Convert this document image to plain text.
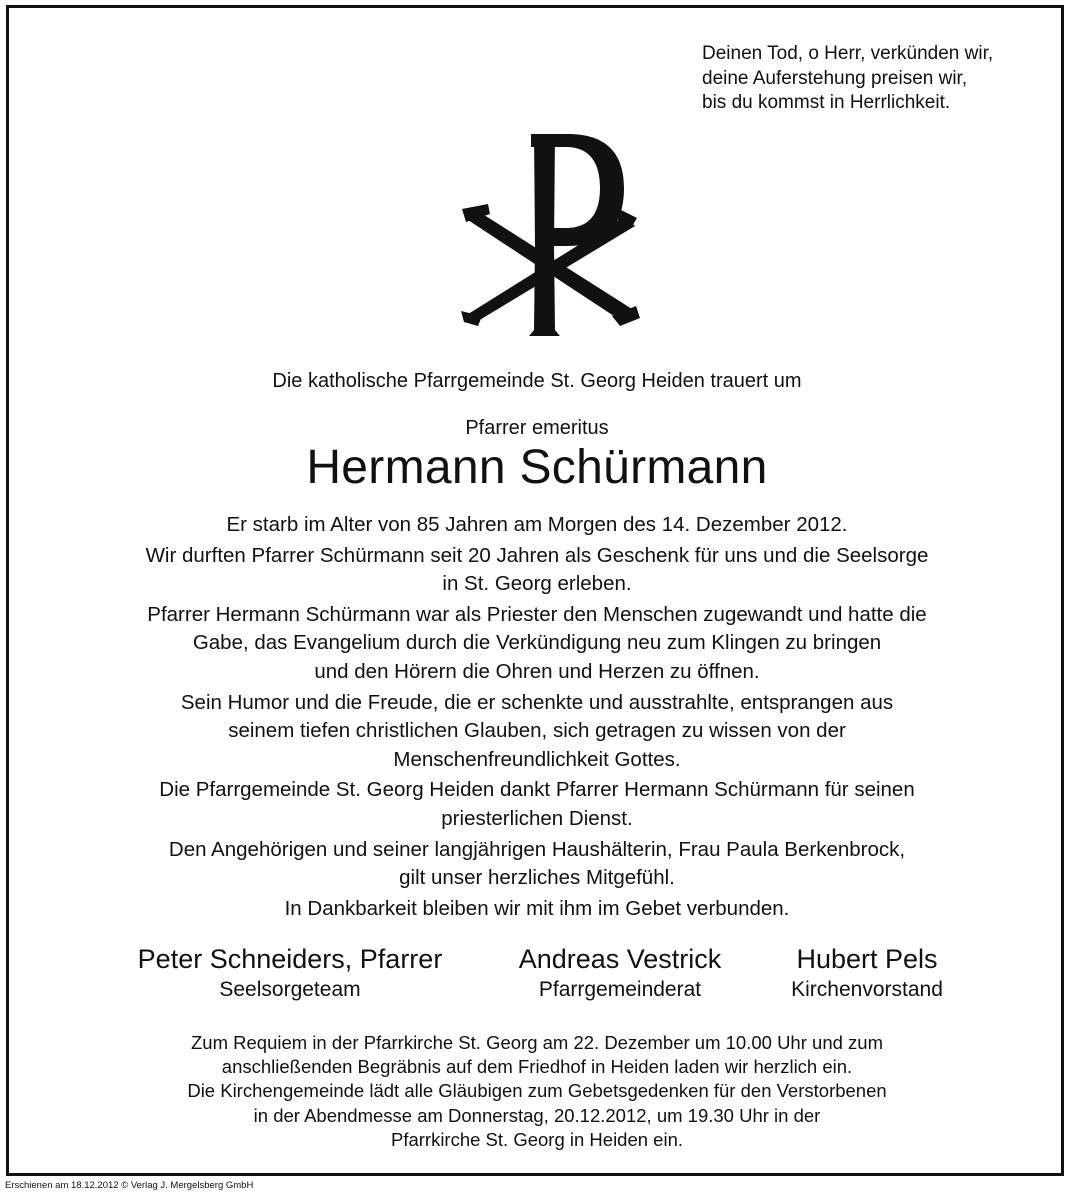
Deinen Tod, o Herr, verkünden wir,
deine Auferstehung preisen wir,
bis du kommst in Herrlichkeit.
Die katholische Pfarrgemeinde St. Georg Heiden trauert um
Pfarrer emeritus
Hermann Schürmann
Er starb im Alter von 85 Jahren am Morgen des 14. Dezember 2012.
Wir durften Pfarrer Schürmann seit 20 Jahren als Geschenk für uns und die Seelsorge
in St. Georg erleben.
Pfarrer Hermann Schürmann war als Priester den Menschen zugewandt und hatte die
Gabe, das Evangelium durch die Verkündigung neu zum Klingen zu bringen
und den Hörern die Ohren und Herzen zu öffnen.
Sein Humor und die Freude, die er schenkte und ausstrahlte, entsprangen aus
seinem tiefen christlichen Glauben, sich getragen zu wissen von der
Menschenfreundlichkeit Gottes.
Die Pfarrgemeinde St. Georg Heiden dankt Pfarrer Hermann Schürmann für seinen
priesterlichen Dienst.
Den Angehörigen und seiner langjährigen Haushälterin, Frau Paula Berkenbrock,
gilt unser herzliches Mitgefühl.
In Dankbarkeit bleiben wir mit ihm im Gebet verbunden.
Peter Schneiders, Pfarrer
Seelsorgeteam
Andreas Vestrick
Pfarrgemeinderat
Hubert Pels
Kirchenvorstand
Zum Requiem in der Pfarrkirche St. Georg am 22. Dezember um 10.00 Uhr und zum
anschließenden Begräbnis auf dem Friedhof in Heiden laden wir herzlich ein.
Die Kirchengemeinde lädt alle Gläubigen zum Gebetsgedenken für den Verstorbenen
in der Abendmesse am Donnerstag, 20.12.2012, um 19.30 Uhr in der
Pfarrkirche St. Georg in Heiden ein.
Erschienen am 18.12.2012 © Verlag J. Mergelsberg GmbH
